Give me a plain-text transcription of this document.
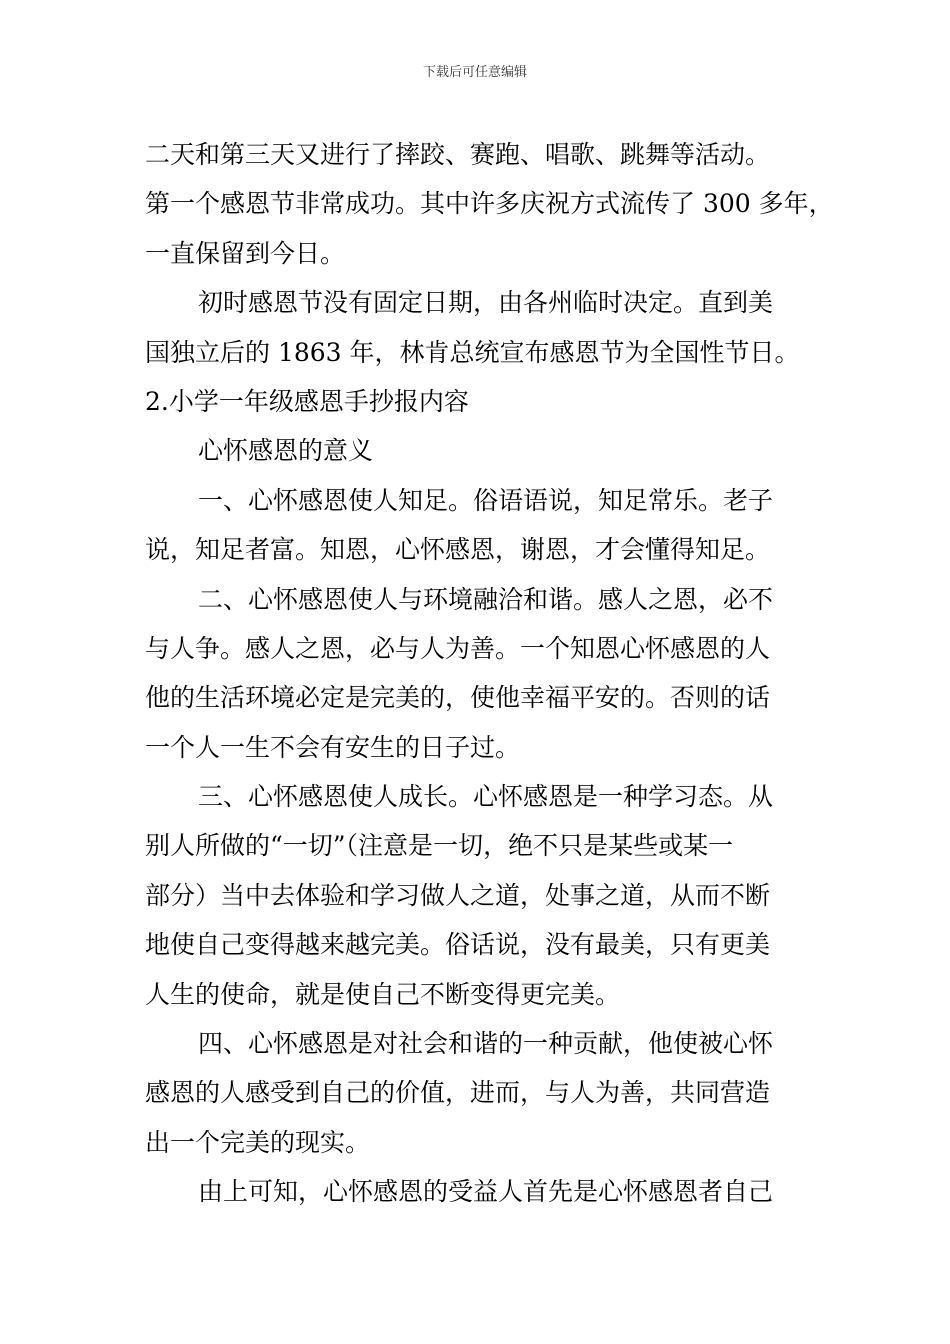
下载后可任意编辑
二天和第三天又进行了摔跤、赛跑、唱歌、跳舞等活动。
第一个感恩节非常成功。其中许多庆祝方式流传了 300 多年，
一直保留到今日。
初时感恩节没有固定日期，由各州临时决定。直到美
国独立后的 1863 年，林肯总统宣布感恩节为全国性节日。
2.小学一年级感恩手抄报内容
心怀感恩的意义
一、心怀感恩使人知足。俗语语说，知足常乐。老子
说，知足者富。知恩，心怀感恩，谢恩，才会懂得知足。
二、心怀感恩使人与环境融洽和谐。感人之恩，必不
与人争。感人之恩，必与人为善。一个知恩心怀感恩的人
他的生活环境必定是完美的，使他幸福平安的。否则的话
一个人一生不会有安生的日子过。
三、心怀感恩使人成长。心怀感恩是一种学习态。从
别人所做的“一切”（注意是一切，绝不只是某些或某一
部分）当中去体验和学习做人之道，处事之道，从而不断
地使自己变得越来越完美。俗话说，没有最美，只有更美
人生的使命，就是使自己不断变得更完美。
四、心怀感恩是对社会和谐的一种贡献，他使被心怀
感恩的人感受到自己的价值，进而，与人为善，共同营造
出一个完美的现实。
由上可知，心怀感恩的受益人首先是心怀感恩者自己
